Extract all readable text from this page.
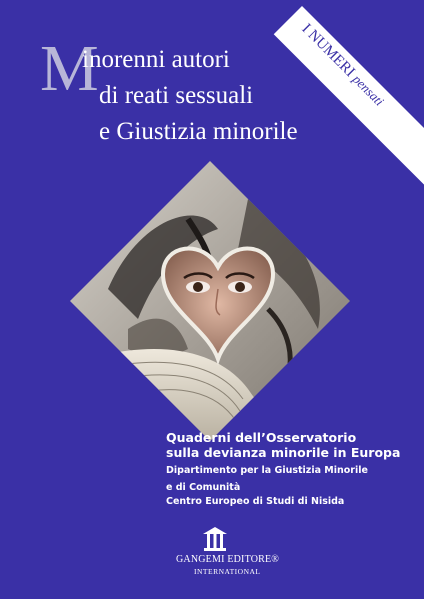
I NUMERI pensati
M
inorenni autori
di reati sessuali
e Giustizia minorile
Quaderni dell’Osservatorio
sulla devianza minorile in Europa
Dipartimento per la Giustizia Minorile
e di Comunità
Centro Europeo di Studi di Nisida
GANGEMI EDITORE®
INTERNATIONAL
